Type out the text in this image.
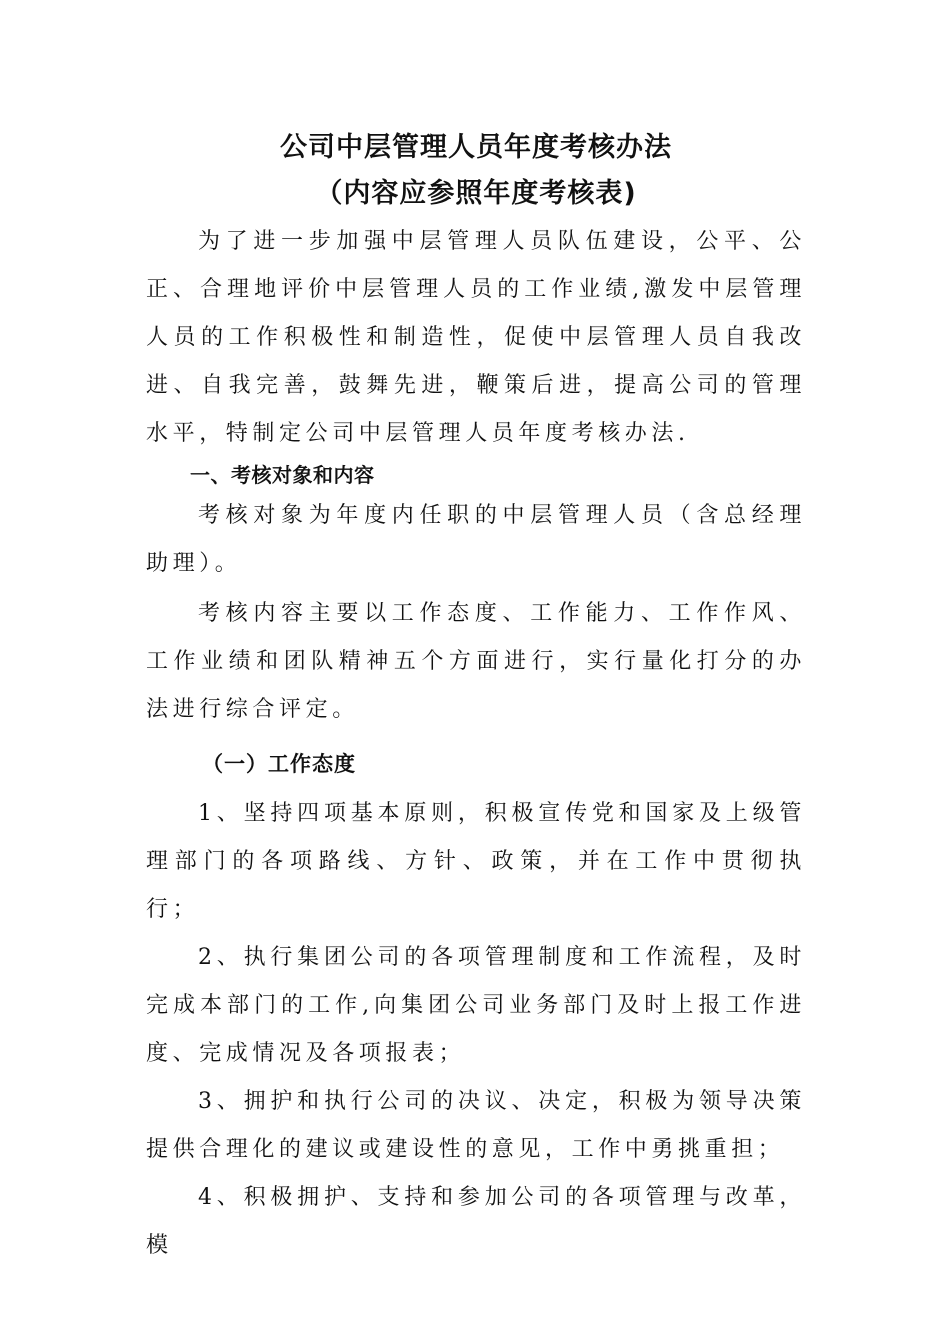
公司中层管理人员年度考核办法
（内容应参照年度考核表)

为了进一步加强中层管理人员队伍建设，公平、公正、合理地评价中层管理人员的工作业绩,激发中层管理人员的工作积极性和制造性，促使中层管理人员自我改进、自我完善，鼓舞先进，鞭策后进，提高公司的管理水平，特制定公司中层管理人员年度考核办法.

一、考核对象和内容

考核对象为年度内任职的中层管理人员（含总经理助理）。

考核内容主要以工作态度、工作能力、工作作风、工作业绩和团队精神五个方面进行，实行量化打分的办法进行综合评定。

（一）工作态度

1、坚持四项基本原则，积极宣传党和国家及上级管理部门的各项路线、方针、政策，并在工作中贯彻执行；

2、执行集团公司的各项管理制度和工作流程，及时完成本部门的工作,向集团公司业务部门及时上报工作进度、完成情况及各项报表；

3、拥护和执行公司的决议、决定，积极为领导决策提供合理化的建议或建设性的意见，工作中勇挑重担；

4、积极拥护、支持和参加公司的各项管理与改革，模
